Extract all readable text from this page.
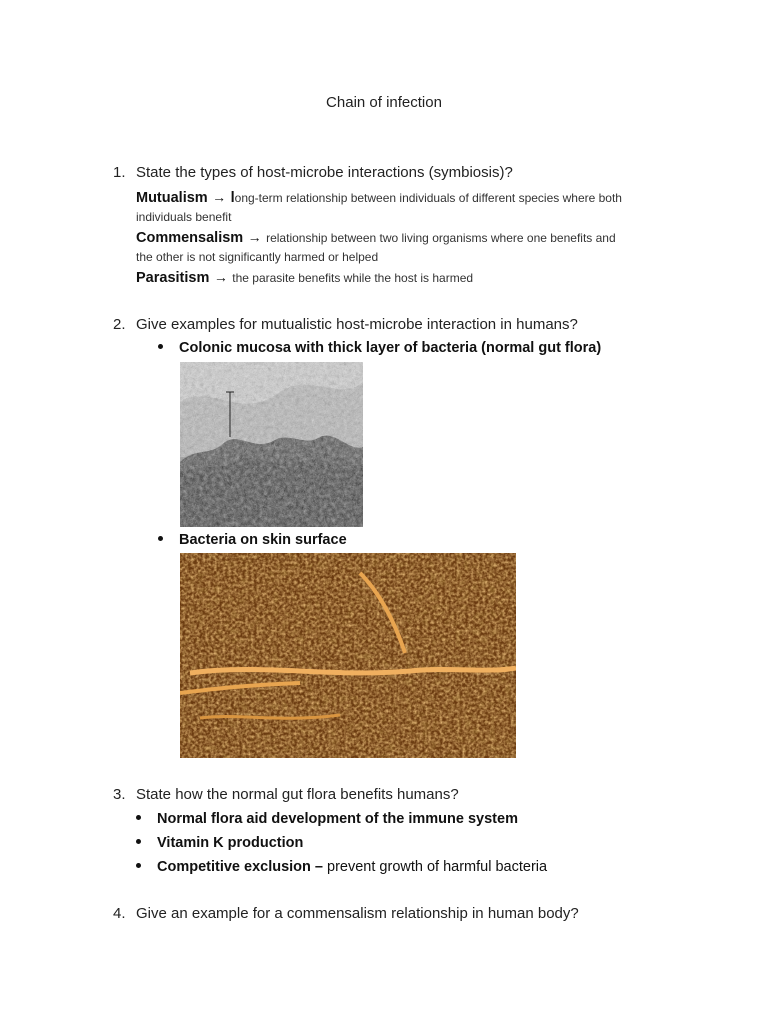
Chain of infection
1. State the types of host-microbe interactions (symbiosis)?
Mutualism → long-term relationship between individuals of different species where both
individuals benefit
Commensalism → relationship between two living organisms where one benefits and
the other is not significantly harmed or helped
Parasitism → the parasite benefits while the host is harmed
2. Give examples for mutualistic host-microbe interaction in humans?
Colonic mucosa with thick layer of bacteria (normal gut flora)
Bacteria on skin surface
3. State how the normal gut flora benefits humans?
Normal flora aid development of the immune system
Vitamin K production
Competitive exclusion – prevent growth of harmful bacteria
4. Give an example for a commensalism relationship in human body?
